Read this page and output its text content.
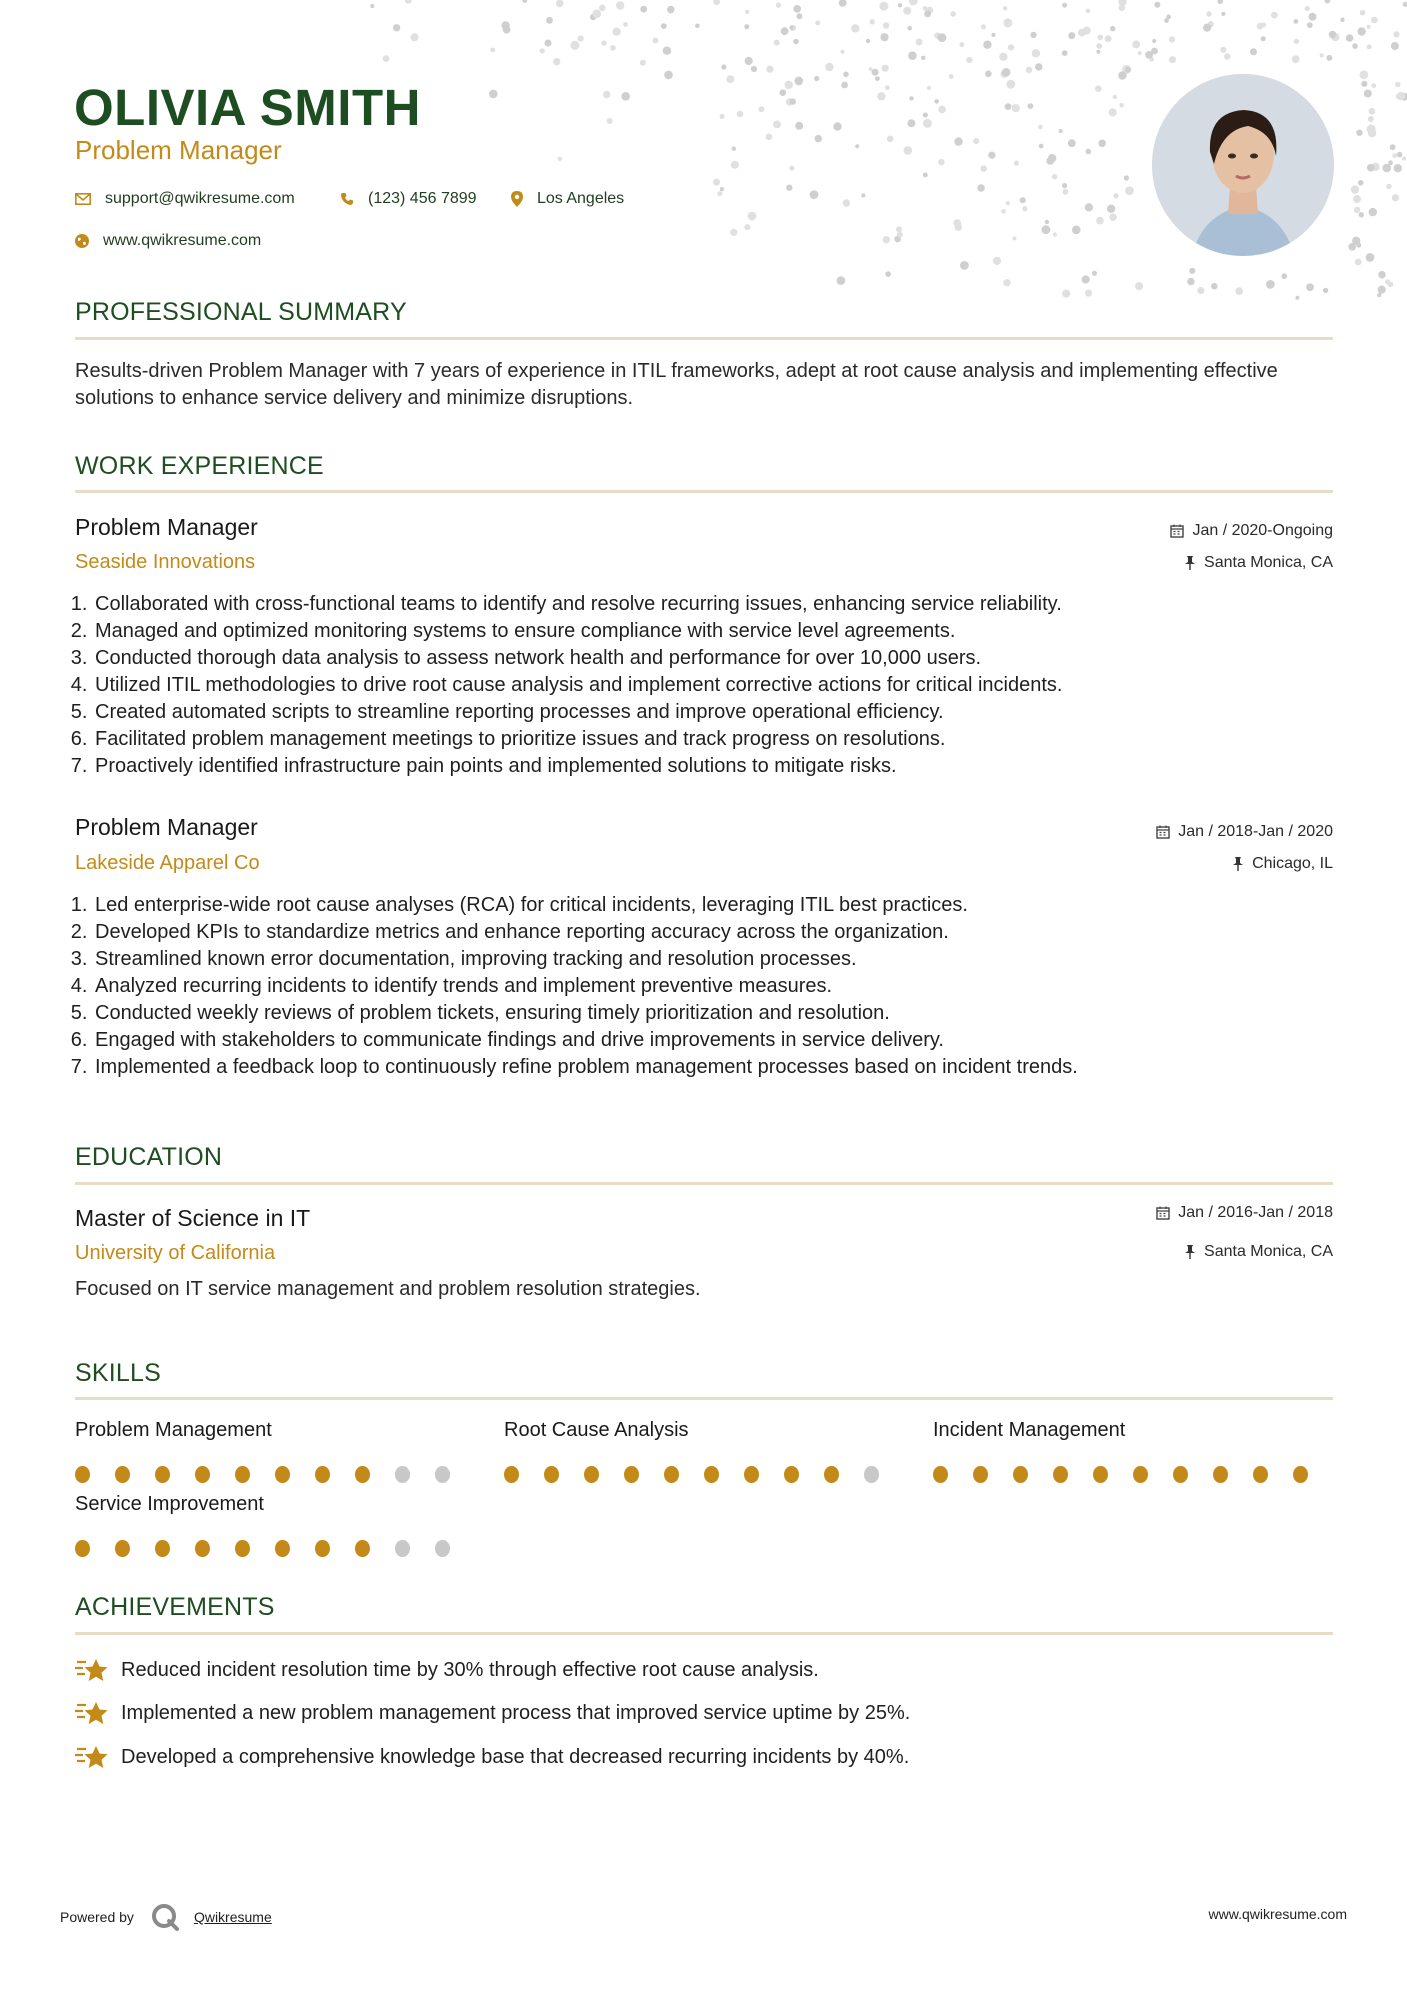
OLIVIA SMITH

Problem Manager

support@qwikresume.com	(123) 456 7899	Los Angeles
www.qwikresume.com
PROFESSIONAL SUMMARY

Results-driven Problem Manager with 7 years of experience in ITIL frameworks, adept at root cause analysis and implementing effective solutions to enhance service delivery and minimize disruptions.

WORK EXPERIENCE

Problem Manager

Seaside Innovations

Jan / 2020-Ongoing
Santa Monica, CA
1. Collaborated with cross-functional teams to identify and resolve recurring issues, enhancing service reliability.
2. Managed and optimized monitoring systems to ensure compliance with service level agreements.
3. Conducted thorough data analysis to assess network health and performance for over 10,000 users.
4. Utilized ITIL methodologies to drive root cause analysis and implement corrective actions for critical incidents.
5. Created automated scripts to streamline reporting processes and improve operational efficiency.
6. Facilitated problem management meetings to prioritize issues and track progress on resolutions.
7. Proactively identified infrastructure pain points and implemented solutions to mitigate risks.

Problem Manager

Lakeside Apparel Co

Jan / 2018-Jan / 2020
Chicago, IL
1. Led enterprise-wide root cause analyses (RCA) for critical incidents, leveraging ITIL best practices.
2. Developed KPIs to standardize metrics and enhance reporting accuracy across the organization.
3. Streamlined known error documentation, improving tracking and resolution processes.
4. Analyzed recurring incidents to identify trends and implement preventive measures.
5. Conducted weekly reviews of problem tickets, ensuring timely prioritization and resolution.
6. Engaged with stakeholders to communicate findings and drive improvements in service delivery.
7. Implemented a feedback loop to continuously refine problem management processes based on incident trends.
EDUCATION

Master of Science in IT

University of California

Jan / 2016-Jan / 2018
Santa Monica, CA

Focused on IT service management and problem resolution strategies.

SKILLS

Problem Management	Root Cause Analysis	Incident Management

Service Improvement

ACHIEVEMENTS
Reduced incident resolution time by 30% through effective root cause analysis.
Implemented a new problem management process that improved service uptime by 25%.
Developed a comprehensive knowledge base that decreased recurring incidents by 40%.
Powered by	Qwikresume	www.qwikresume.com
